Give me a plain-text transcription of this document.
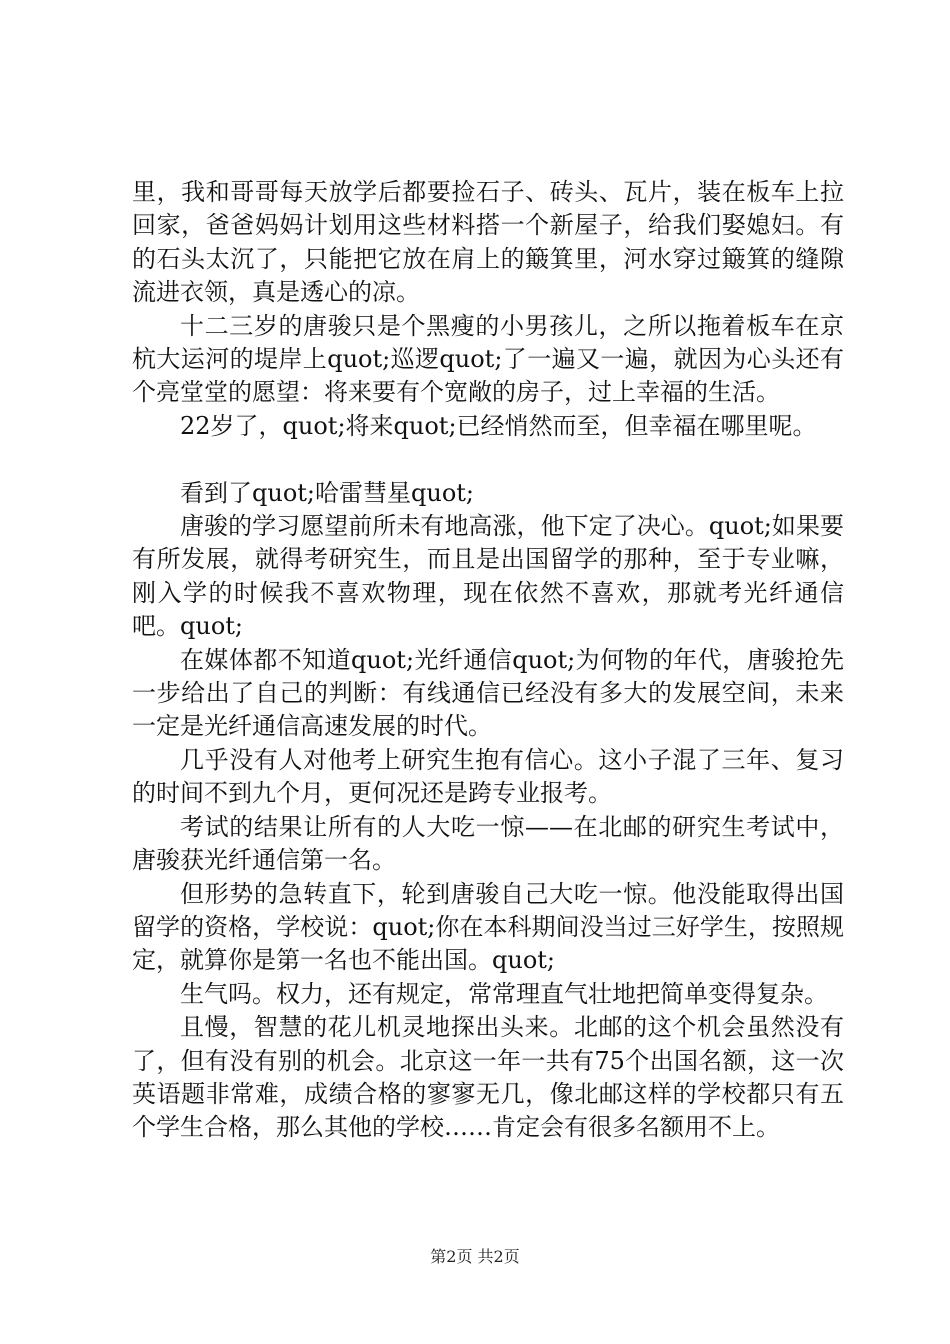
里，我和哥哥每天放学后都要捡石子、砖头、瓦片，装在板车上拉回家，爸爸妈妈计划用这些材料搭一个新屋子，给我们娶媳妇。有的石头太沉了，只能把它放在肩上的簸箕里，河水穿过簸箕的缝隙流进衣领，真是透心的凉。

十二三岁的唐骏只是个黑瘦的小男孩儿，之所以拖着板车在京杭大运河的堤岸上quot;巡逻quot;了一遍又一遍，就因为心头还有个亮堂堂的愿望：将来要有个宽敞的房子，过上幸福的生活。

22岁了，quot;将来quot;已经悄然而至，但幸福在哪里呢。

看到了quot;哈雷彗星quot;

唐骏的学习愿望前所未有地高涨，他下定了决心。quot;如果要有所发展，就得考研究生，而且是出国留学的那种，至于专业嘛，刚入学的时候我不喜欢物理，现在依然不喜欢，那就考光纤通信吧。quot;

在媒体都不知道quot;光纤通信quot;为何物的年代，唐骏抢先一步给出了自己的判断：有线通信已经没有多大的发展空间，未来一定是光纤通信高速发展的时代。

几乎没有人对他考上研究生抱有信心。这小子混了三年、复习的时间不到九个月，更何况还是跨专业报考。

考试的结果让所有的人大吃一惊——在北邮的研究生考试中，唐骏获光纤通信第一名。

但形势的急转直下，轮到唐骏自己大吃一惊。他没能取得出国留学的资格，学校说：quot;你在本科期间没当过三好学生，按照规定，就算你是第一名也不能出国。quot;

生气吗。权力，还有规定，常常理直气壮地把简单变得复杂。

且慢，智慧的花儿机灵地探出头来。北邮的这个机会虽然没有了，但有没有别的机会。北京这一年一共有75个出国名额，这一次英语题非常难，成绩合格的寥寥无几，像北邮这样的学校都只有五个学生合格，那么其他的学校……肯定会有很多名额用不上。

第2页 共2页
